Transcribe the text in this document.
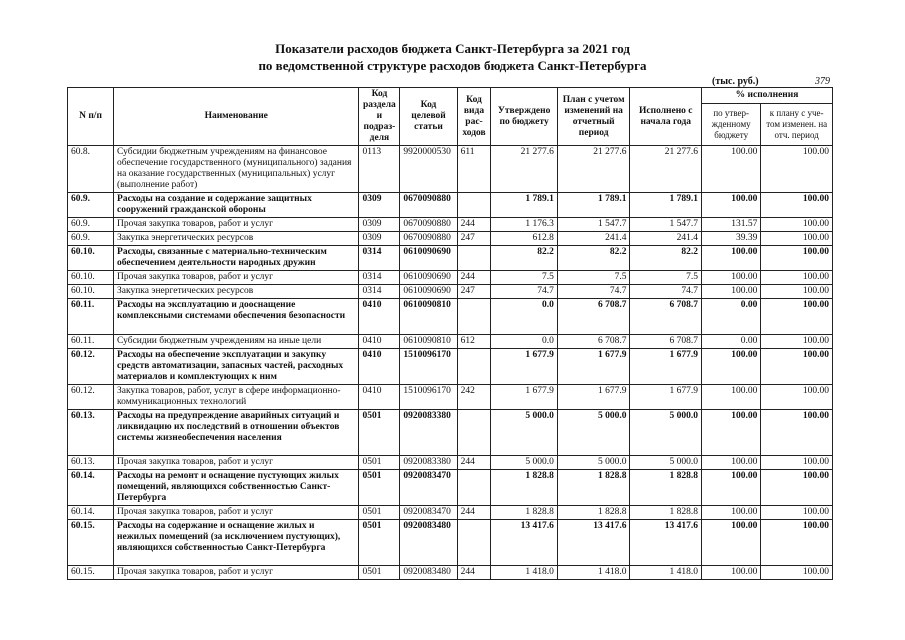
Показатели расходов бюджета Санкт-Петербурга за 2021 год
по ведомственной структуре расходов бюджета Санкт-Петербурга
(тыс. руб.)	379
N п/п	Наименование	Код раздела и подраз-деля	Код целевой статьи	Код вида рас-ходов	Утверждено по бюджету	План с учетом изменений на отчетный период	Исполнено с начала года	% исполнения	
								по утвер-жденному бюджету	к плану с уче-том изменен. на отч. период
60.8.	Субсидии бюджетным учреждениям на финансовое обеспечение государственного (муниципального) задания на оказание государственных (муниципальных) услуг (выполнение работ)	0113	9920000530	611	21 277.6	21 277.6	21 277.6	100.00	100.00
60.9.	Расходы на создание и содержание защитных сооружений гражданской обороны	0309	0670090880		1 789.1	1 789.1	1 789.1	100.00	100.00
60.9.	Прочая закупка товаров, работ и услуг	0309	0670090880	244	1 176.3	1 547.7	1 547.7	131.57	100.00
60.9.	Закупка энергетических ресурсов	0309	0670090880	247	612.8	241.4	241.4	39.39	100.00
60.10.	Расходы, связанные с материально-техническим обеспечением деятельности народных дружин	0314	0610090690		82.2	82.2	82.2	100.00	100.00
60.10.	Прочая закупка товаров, работ и услуг	0314	0610090690	244	7.5	7.5	7.5	100.00	100.00
60.10.	Закупка энергетических ресурсов	0314	0610090690	247	74.7	74.7	74.7	100.00	100.00
60.11.	Расходы на эксплуатацию и дооснащение комплексными системами обеспечения безопасности	0410	0610090810		0.0	6 708.7	6 708.7	0.00	100.00
60.11.	Субсидии бюджетным учреждениям на иные цели	0410	0610090810	612	0.0	6 708.7	6 708.7	0.00	100.00
60.12.	Расходы на обеспечение эксплуатации и закупку средств автоматизации, запасных частей, расходных материалов и комплектующих к ним	0410	1510096170		1 677.9	1 677.9	1 677.9	100.00	100.00
60.12.	Закупка товаров, работ, услуг в сфере информационно-коммуникационных технологий	0410	1510096170	242	1 677.9	1 677.9	1 677.9	100.00	100.00
60.13.	Расходы на предупреждение аварийных ситуаций и ликвидацию их последствий в отношении объектов системы жизнеобеспечения населения	0501	0920083380		5 000.0	5 000.0	5 000.0	100.00	100.00
60.13.	Прочая закупка товаров, работ и услуг	0501	0920083380	244	5 000.0	5 000.0	5 000.0	100.00	100.00
60.14.	Расходы на ремонт и оснащение пустующих жилых помещений, являющихся собственностью Санкт-Петербурга	0501	0920083470		1 828.8	1 828.8	1 828.8	100.00	100.00
60.14.	Прочая закупка товаров, работ и услуг	0501	0920083470	244	1 828.8	1 828.8	1 828.8	100.00	100.00
60.15.	Расходы на содержание и оснащение жилых и нежилых помещений (за исключением пустующих), являющихся собственностью Санкт-Петербурга	0501	0920083480		13 417.6	13 417.6	13 417.6	100.00	100.00
60.15.	Прочая закупка товаров, работ и услуг	0501	0920083480	244	1 418.0	1 418.0	1 418.0	100.00	100.00
